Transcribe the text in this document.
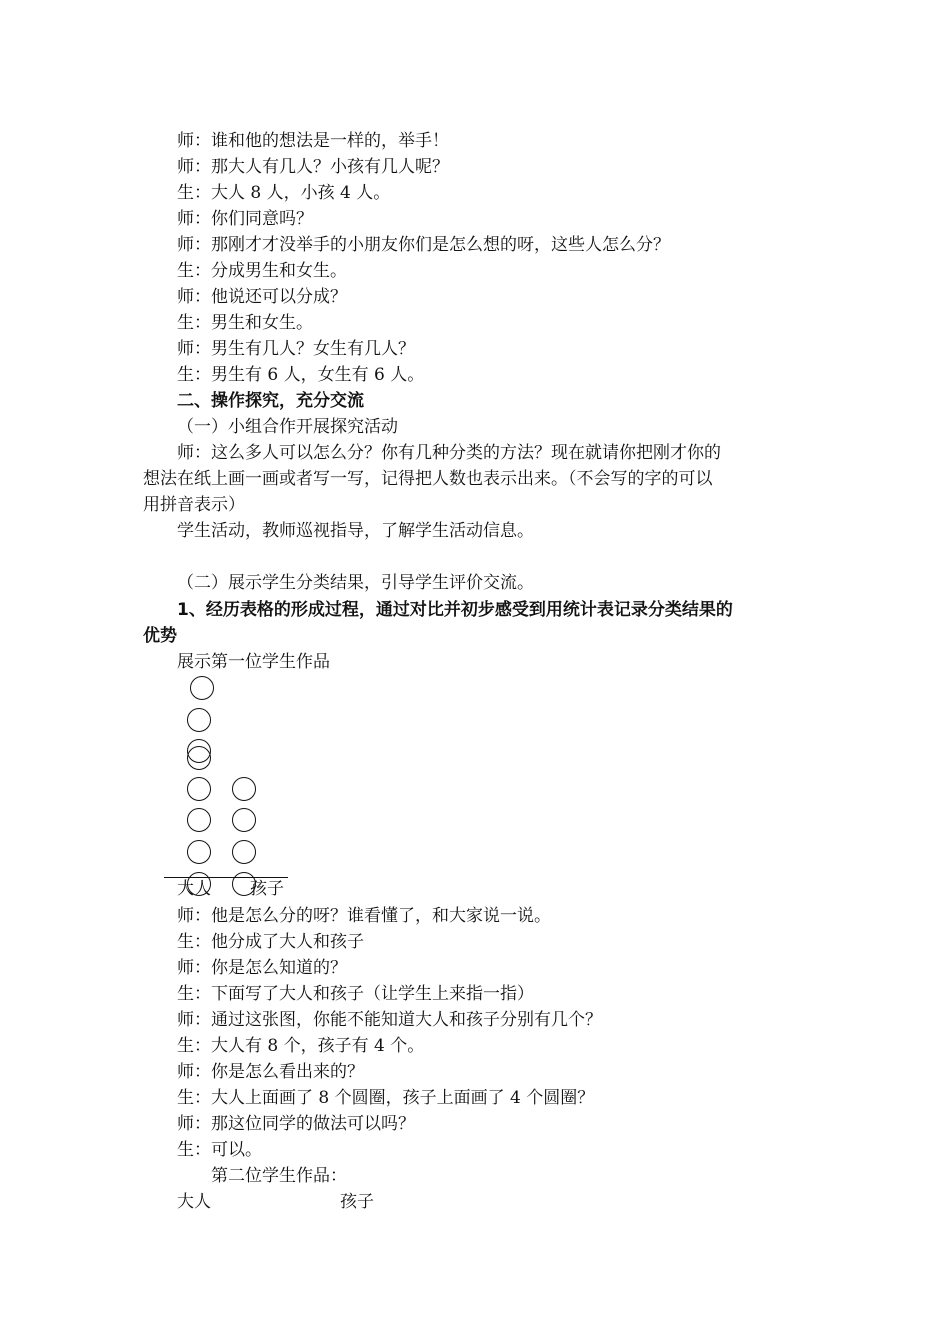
师：谁和他的想法是一样的，举手！
师：那大人有几人？小孩有几人呢？
生：大人 8 人，小孩 4 人。
师：你们同意吗？
师：那刚才才没举手的小朋友你们是怎么想的呀，这些人怎么分？
生：分成男生和女生。
师：他说还可以分成？
生：男生和女生。
师：男生有几人？女生有几人？
生：男生有 6 人，女生有 6 人。
二、操作探究，充分交流
（一）小组合作开展探究活动
师：这么多人可以怎么分？你有几种分类的方法？现在就请你把刚才你的
想法在纸上画一画或者写一写，记得把人数也表示出来。（不会写的字的可以
用拼音表示）
学生活动，教师巡视指导，了解学生活动信息。
（二）展示学生分类结果，引导学生评价交流。
1、经历表格的形成过程，通过对比并初步感受到用统计表记录分类结果的
优势
展示第一位学生作品
大人 孩子
师：他是怎么分的呀？谁看懂了，和大家说一说。
生：他分成了大人和孩子
师：你是怎么知道的？
生：下面写了大人和孩子（让学生上来指一指）
师：通过这张图，你能不能知道大人和孩子分别有几个？
生：大人有 8 个，孩子有 4 个。
师：你是怎么看出来的？
生：大人上面画了 8 个圆圈，孩子上面画了 4 个圆圈？
师：那这位同学的做法可以吗？
生：可以。
第二位学生作品：
大人	孩子
